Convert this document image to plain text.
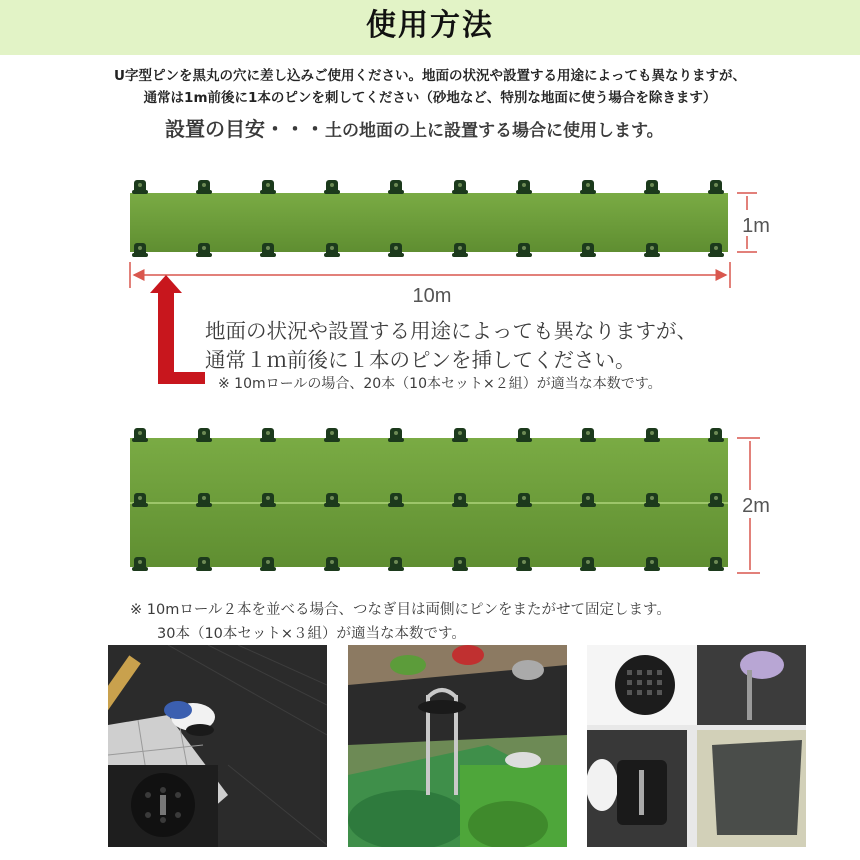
使用方法
U字型ピンを黒丸の穴に差し込みご使用ください。地面の状況や設置する用途によっても異なりますが、
通常は1m前後に1本のピンを刺してください（砂地など、特別な地面に使う場合を除きます）
設置の目安・・・土の地面の上に設置する場合に使用します。
1m
10m
2m
地面の状況や設置する用途によっても異なりますが、
通常１ｍ前後に１本のピンを挿してください。
※ 10mロールの場合、20本（10本セット×２組）が適当な本数です。
※ 10mロール２本を並べる場合、つなぎ目は両側にピンをまたがせて固定します。
30本（10本セット×３組）が適当な本数です。
